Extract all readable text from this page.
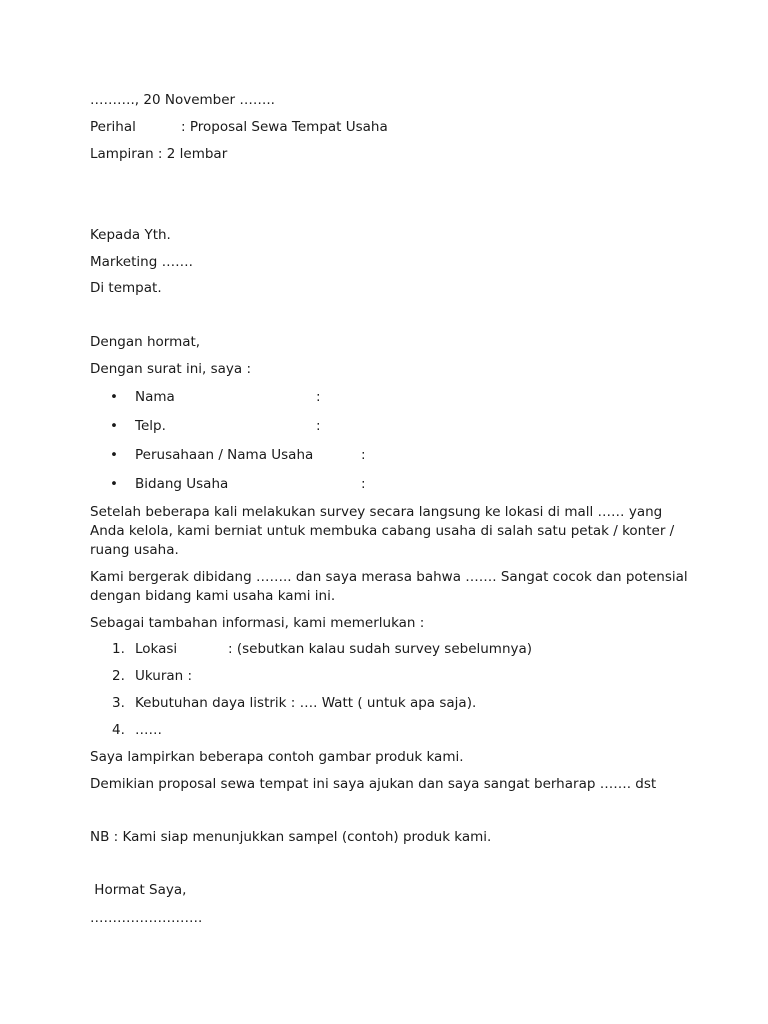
………., 20 November ……..
Perihal	: Proposal Sewa Tempat Usaha
Lampiran : 2 lembar
Kepada Yth.
Marketing …….
Di tempat.
Dengan hormat,
Dengan surat ini, saya :
• Nama	:
• Telp.	:
• Perusahaan / Nama Usaha	:
• Bidang Usaha	:
Setelah beberapa kali melakukan survey secara langsung ke lokasi di mall …… yang Anda kelola, kami berniat untuk membuka cabang usaha di salah satu petak / konter / ruang usaha.
Kami bergerak dibidang …….. dan saya merasa bahwa ……. Sangat cocok dan potensial dengan bidang kami usaha kami ini.
Sebagai tambahan informasi, kami memerlukan :
1. Lokasi	: (sebutkan kalau sudah survey sebelumnya)
2. Ukuran :
3. Kebutuhan daya listrik : …. Watt ( untuk apa saja).
4. ……
Saya lampirkan beberapa contoh gambar produk kami.
Demikian proposal sewa tempat ini saya ajukan dan saya sangat berharap ……. dst
NB : Kami siap menunjukkan sampel (contoh) produk kami.
Hormat Saya,
…………………….
